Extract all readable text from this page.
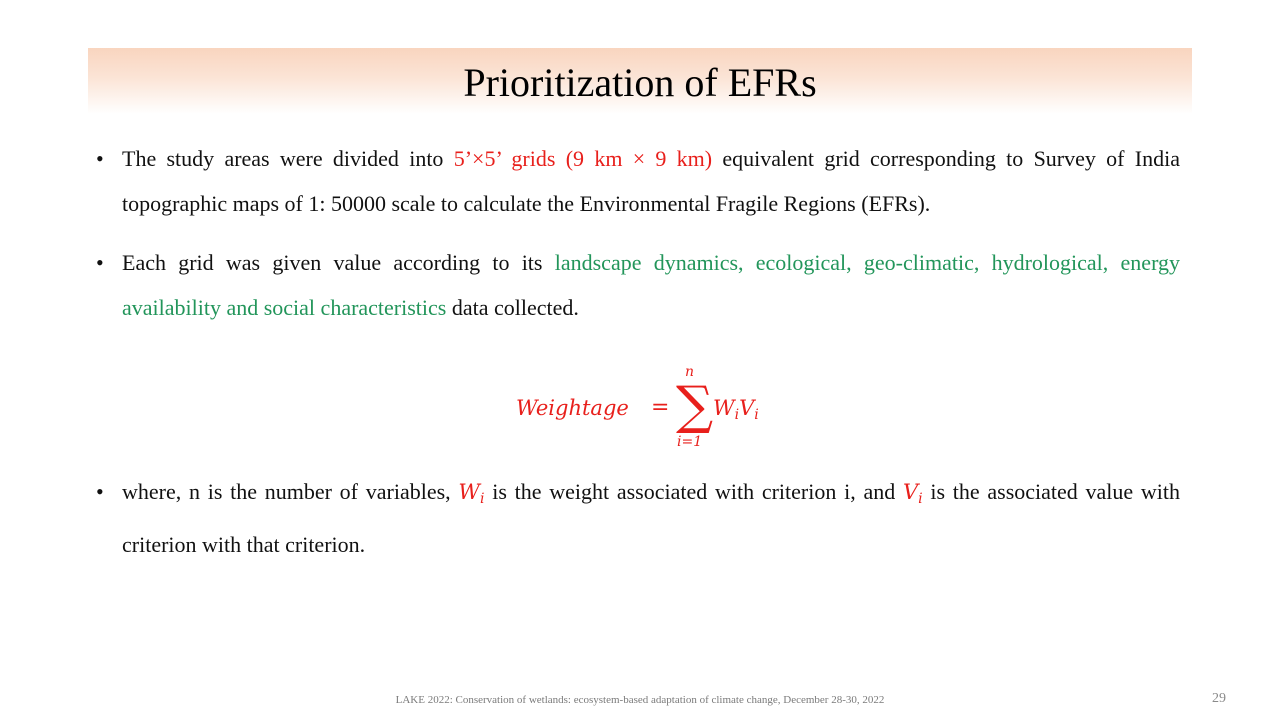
Prioritization of EFRs
• The study areas were divided into 5’×5’ grids (9 km × 9 km) equivalent grid corresponding to Survey of India topographic maps of 1: 50000 scale to calculate the Environmental Fragile Regions (EFRs).
• Each grid was given value according to its landscape dynamics, ecological, geo-climatic, hydrological, energy availability and social characteristics data collected.
Weightage =
n
∑
i=1
$W_iV_i$
• where, n is the number of variables, $W_i$ is the weight associated with criterion i, and $V_i$ is the associated value with criterion with that criterion.
LAKE 2022: Conservation of wetlands: ecosystem-based adaptation of climate change, December 28-30, 2022	29
